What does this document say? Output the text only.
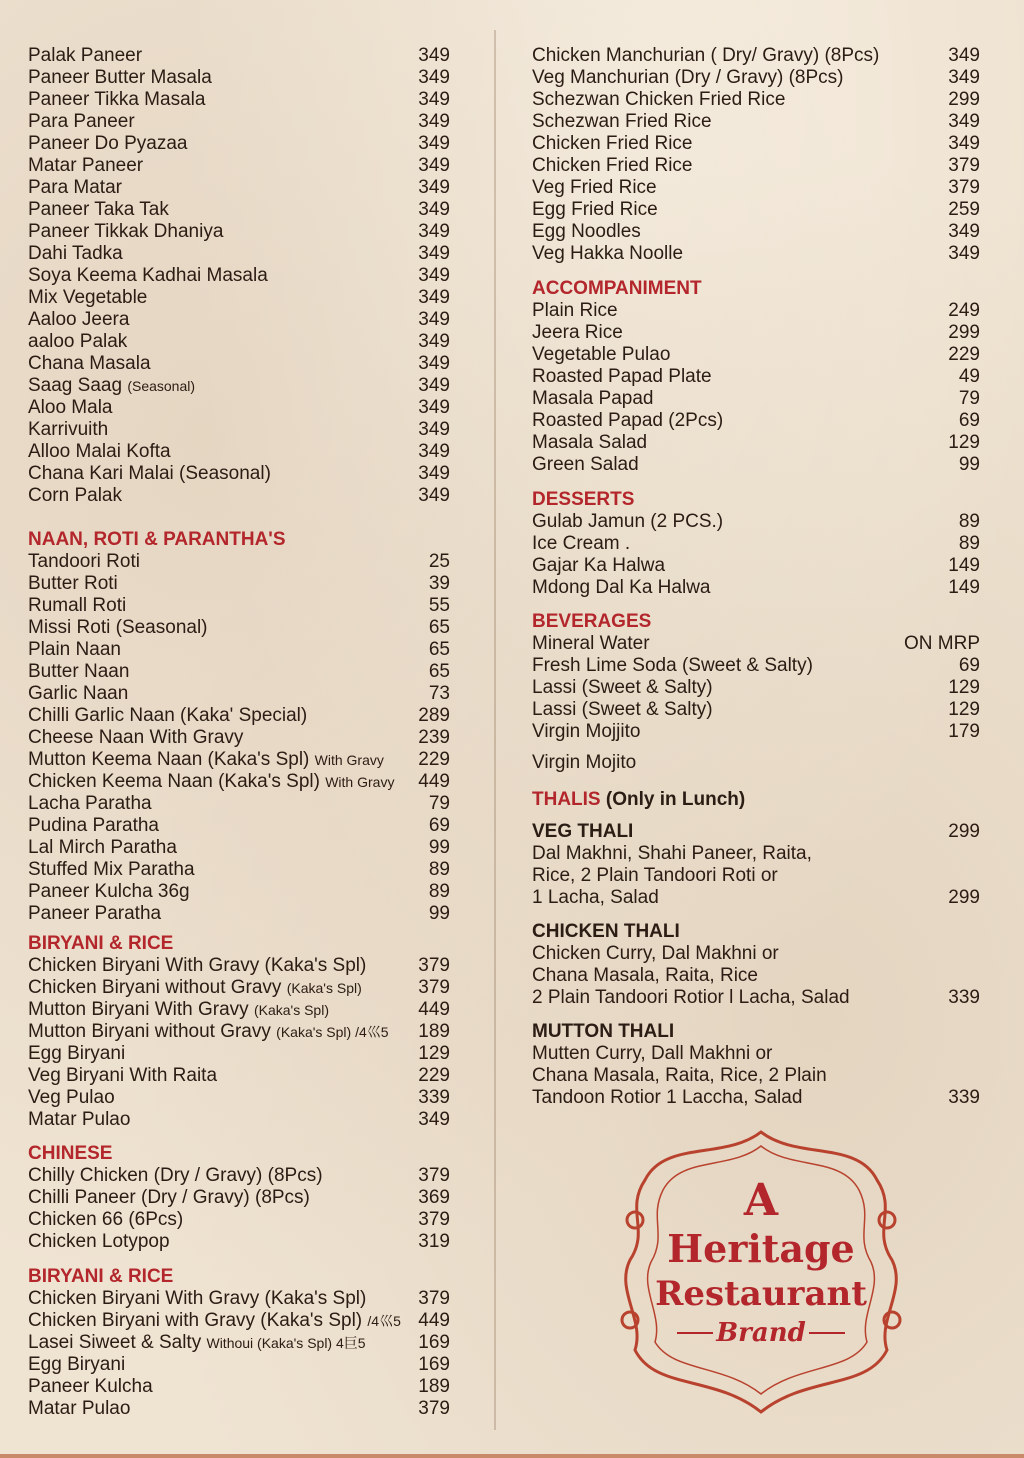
Palak Paneer	349
Paneer Butter Masala	349
Paneer Tikka Masala	349
Para Paneer	349
Paneer Do Pyazaa	349
Matar Paneer	349
Para Matar	349
Paneer Taka Tak	349
Paneer Tikkak Dhaniya	349
Dahi Tadka	349
Soya Keema Kadhai Masala	349
Mix Vegetable	349
Aaloo Jeera	349
aaloo Palak	349
Chana Masala	349
Saag Saag (Seasonal)	349
Aloo Mala	349
Karrivuith	349
Alloo Malai Kofta	349
Chana Kari Malai (Seasonal)	349
Corn Palak	349
NAAN, ROTI & PARANTHA'S
Tandoori Roti	25
Butter Roti	39
Rumall Roti	55
Missi Roti (Seasonal)	65
Plain Naan	65
Butter Naan	65
Garlic Naan	73
Chilli Garlic Naan (Kaka' Special)	289
Cheese Naan With Gravy	239
Mutton Keema Naan (Kaka's Spl) With Gravy 229
Chicken Keema Naan (Kaka's Spl) With Gravy 449
Lacha Paratha	79
Pudina Paratha	69
Lal Mirch Paratha	99
Stuffed Mix Paratha	89
Paneer Kulcha 36g	89
Paneer Paratha	99
BIRYANI & RICE
Chicken Biryani With Gravy (Kaka's Spl)	379
Chicken Biryani without Gravy (Kaka's Spl)	379
Mutton Biryani With Gravy (Kaka's Spl)	449
Mutton Biryani without Gravy (Kaka's Spl) /4巛5 189
Egg Biryani	129
Veg Biryani With Raita	229
Veg Pulao	339
Matar Pulao	349
CHINESE
Chilly Chicken (Dry / Gravy) (8Pcs)	379
Chilli Paneer (Dry / Gravy) (8Pcs)	369
Chicken 66 (6Pcs)	379
Chicken Lotypop	319
BIRYANI & RICE
Chicken Biryani With Gravy (Kaka's Spl)	379
Chicken Biryani with Gravy (Kaka's Spl) /4巛5 449
Lasei Siweet & Salty Withoui (Kaka's Spl) 4巨5	169
Egg Biryani	169
Paneer Kulcha	189
Matar Pulao	379
Chicken Manchurian ( Dry/ Gravy) (8Pcs)	349
Veg Manchurian (Dry / Gravy) (8Pcs)	349
Schezwan Chicken Fried Rice	299
Schezwan Fried Rice	349
Chicken Fried Rice	349
Chicken Fried Rice	379
Veg Fried Rice	379
Egg Fried Rice	259
Egg Noodles	349
Veg Hakka Noolle	349
ACCOMPANIMENT
Plain Rice	249
Jeera Rice	299
Vegetable Pulao	229
Roasted Papad Plate	49
Masala Papad	79
Roasted Papad (2Pcs)	69
Masala Salad	129
Green Salad	99
DESSERTS
Gulab Jamun (2 PCS.)	89
Ice Cream .	89
Gajar Ka Halwa	149
Mdong Dal Ka Halwa	149
BEVERAGES
Mineral Water	ON MRP
Fresh Lime Soda (Sweet & Salty)	69
Lassi (Sweet & Salty)	129
Lassi (Sweet & Salty)	129
Virgin Mojjito	179
Virgin Mojito
THALIS (Only in Lunch)
VEG THALI	299
Dal Makhni, Shahi Paneer, Raita,
Rice, 2 Plain Tandoori Roti or
1 Lacha, Salad	299
CHICKEN THALI
Chicken Curry, Dal Makhni or
Chana Masala, Raita, Rice
2 Plain Tandoori Rotior l Lacha, Salad	339
MUTTON THALI
Mutten Curry, Dall Makhni or
Chana Masala, Raita, Rice, 2 Plain
Tandoon Rotior 1 Laccha, Salad	339
A
Heritage
Restaurant
Brand
